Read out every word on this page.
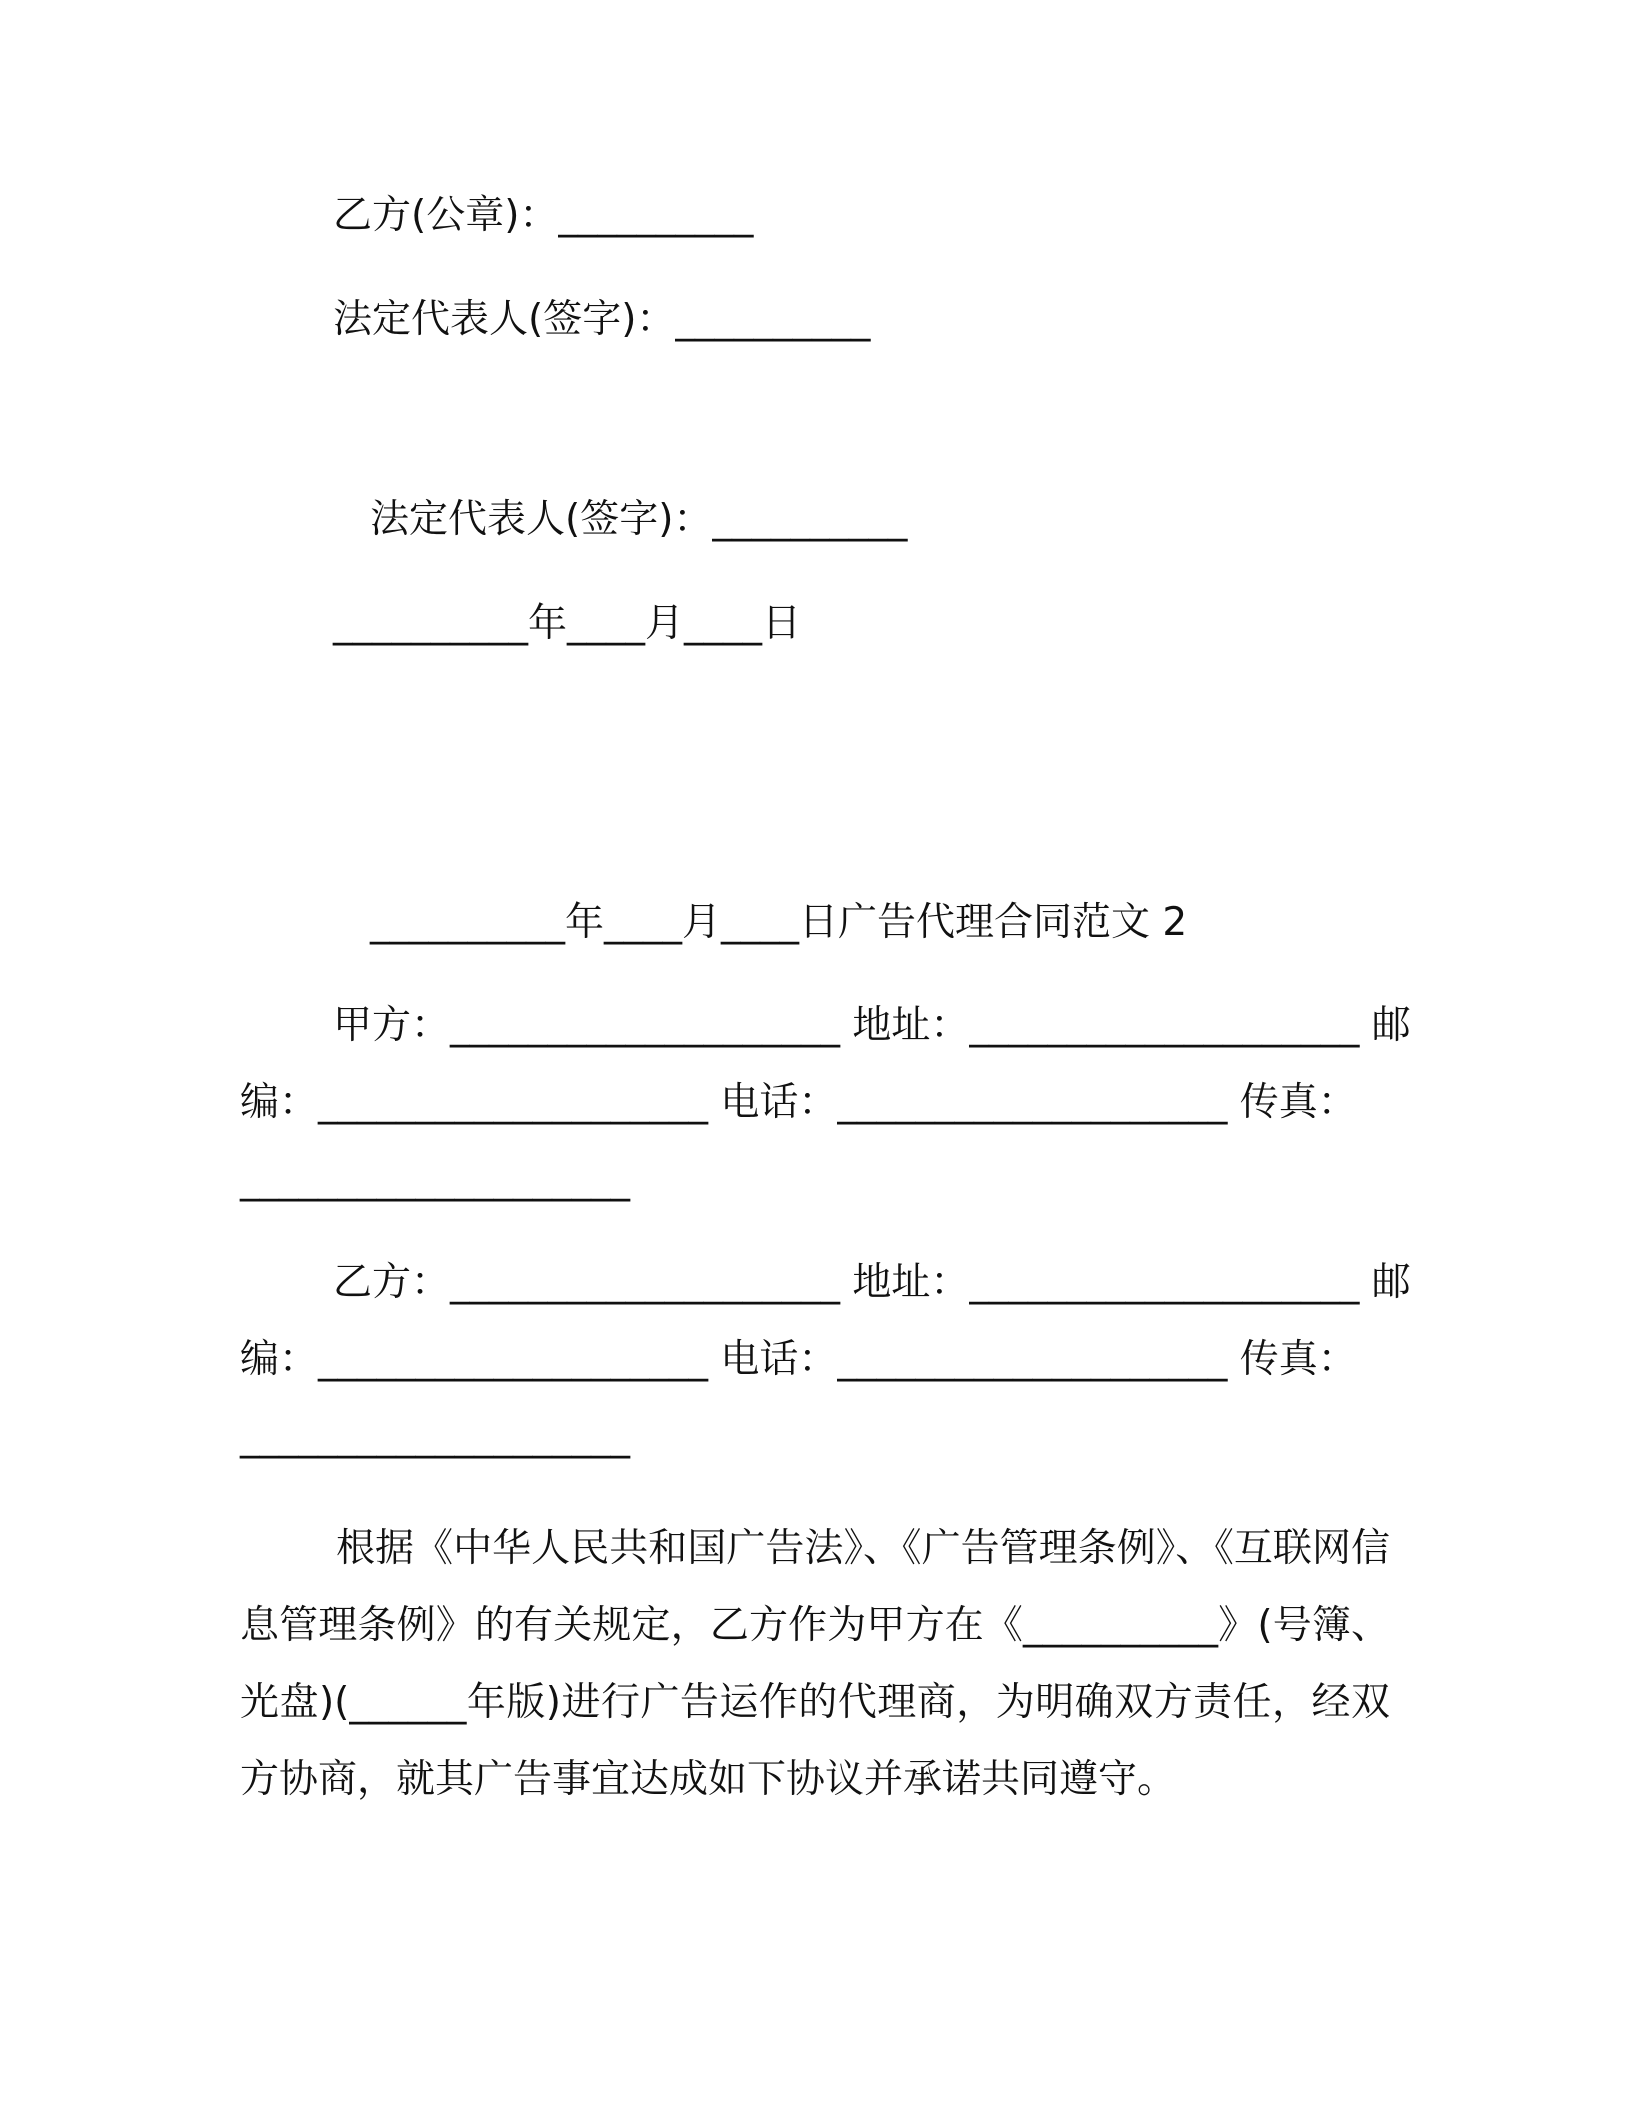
乙方(公章)：__________
法定代表人(签字)：__________
法定代表人(签字)：__________
__________年____月____日
__________年____月____日广告代理合同范文 2
甲方：____________________ 地址：____________________ 邮
编：____________________ 电话：____________________ 传真：
____________________
乙方：____________________ 地址：____________________ 邮
编：____________________ 电话：____________________ 传真：
____________________
根据《中华人民共和国广告法》、《广告管理条例》、《互联网信息管理条例》的有关规定，乙方作为甲方在《__________》(号簿、光盘)(______年版)进行广告运作的代理商，为明确双方责任，经双方协商，就其广告事宜达成如下协议并承诺共同遵守。
